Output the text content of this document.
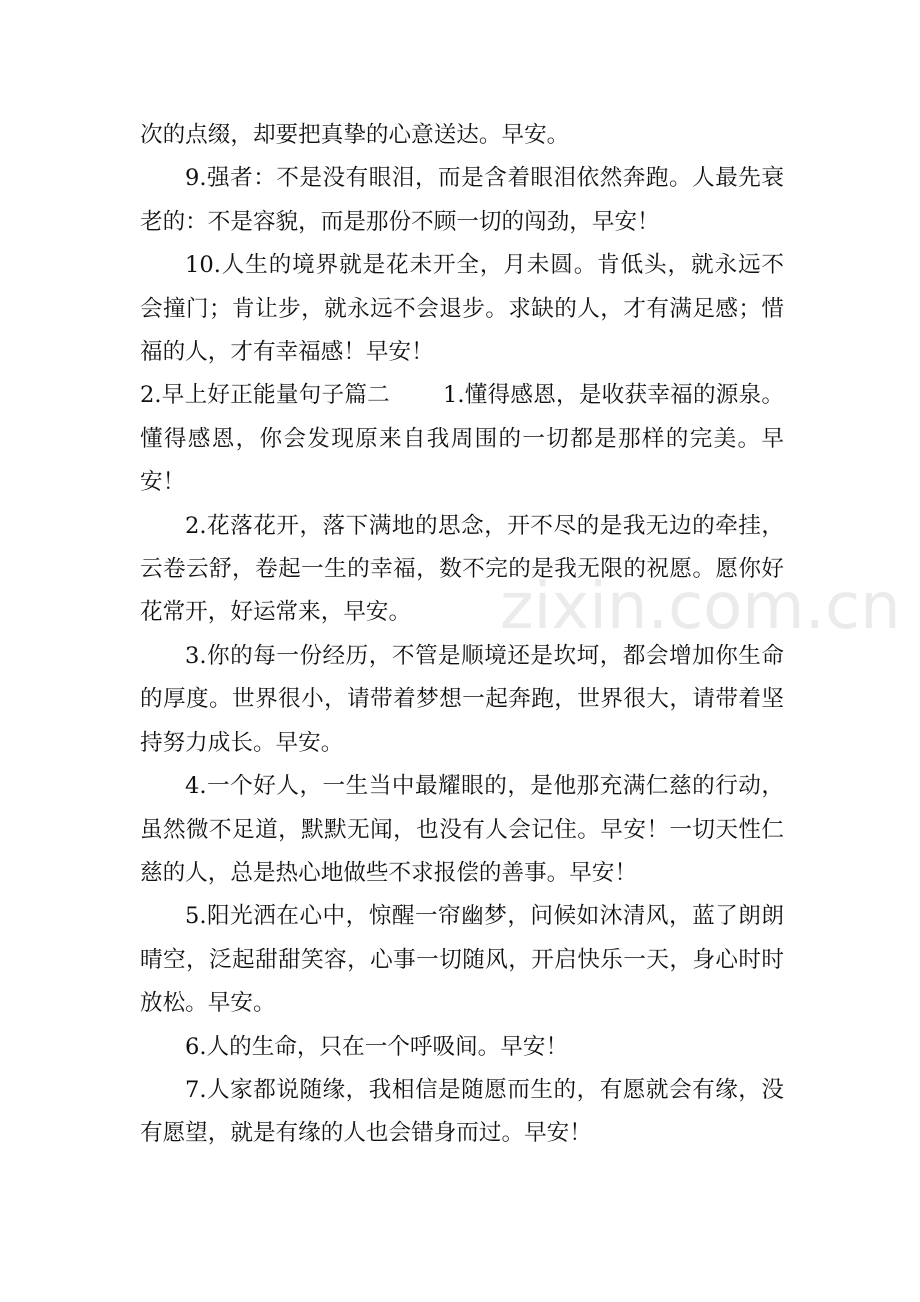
次的点缀，却要把真挚的心意送达。早安。

9.强者：不是没有眼泪，而是含着眼泪依然奔跑。人最先衰老的：不是容貌，而是那份不顾一切的闯劲，早安！

10.人生的境界就是花未开全，月未圆。肯低头，就永远不会撞门；肯让步，就永远不会退步。求缺的人，才有满足感；惜福的人，才有幸福感！早安！

2.早上好正能量句子篇二　　 1.懂得感恩，是收获幸福的源泉。懂得感恩，你会发现原来自我周围的一切都是那样的完美。早安！

2.花落花开，落下满地的思念，开不尽的是我无边的牵挂，云卷云舒，卷起一生的幸福，数不完的是我无限的祝愿。愿你好花常开，好运常来，早安。

3.你的每一份经历，不管是顺境还是坎坷，都会增加你生命的厚度。世界很小，请带着梦想一起奔跑，世界很大，请带着坚持努力成长。早安。

4.一个好人，一生当中最耀眼的，是他那充满仁慈的行动，虽然微不足道，默默无闻，也没有人会记住。早安！一切天性仁慈的人，总是热心地做些不求报偿的善事。早安！

5.阳光洒在心中，惊醒一帘幽梦，问候如沐清风，蓝了朗朗晴空，泛起甜甜笑容，心事一切随风，开启快乐一天，身心时时放松。早安。

6.人的生命，只在一个呼吸间。早安！

7.人家都说随缘，我相信是随愿而生的，有愿就会有缘，没有愿望，就是有缘的人也会错身而过。早安！

zixin.com.cn
